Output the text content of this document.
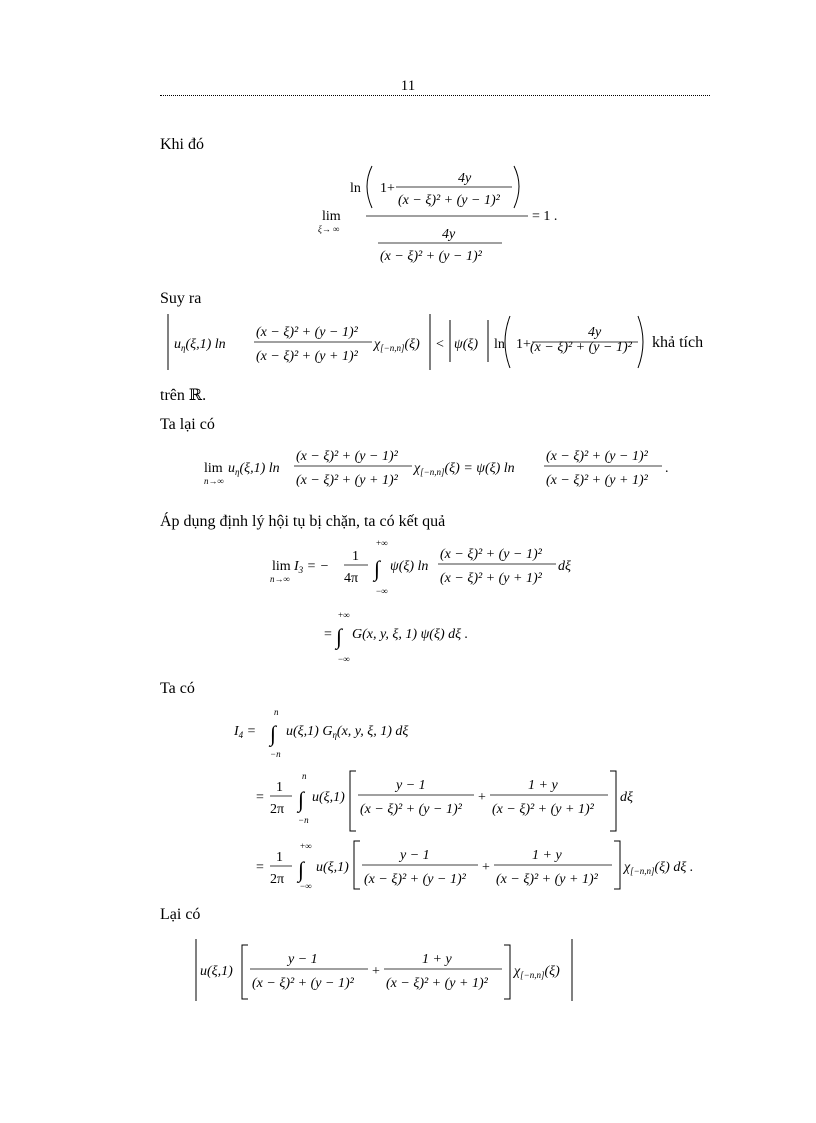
11
Khi đó
ln 1+
4y
(x − ξ)² + (y − 1)²
lim
ξ→ ∞	4y
(x − ξ)² + (y − 1)²
= 1 .
Suy ra
$u_\eta(\xi,1)$ ln
(x − ξ)² + (y − 1)²
(x − ξ)² + (y + 1)²
$\chi_{[-n,n]}(\xi) < \psi(\xi)$ ln 1+
4y
(x − ξ)² + (y − 1)² khả tích
trên ℝ.
Ta lại có
lim
n→∞
$u_\eta(\xi,1)$ ln
(x − ξ)² + (y − 1)²
(x − ξ)² + (y + 1)²
$\chi_{[-n,n]}(\xi) = \psi(\xi)$ ln
(x − ξ)² + (y − 1)²
(x − ξ)² + (y + 1)²
.
Áp dụng định lý hội tụ bị chặn, ta có kết quả
lim
n→∞
$I_3$ = −
1
4π
+∞
∫
−∞
ψ(ξ) ln
(x − ξ)² + (y − 1)²
(x − ξ)² + (y + 1)²
dξ
=
+∞
∫
−∞
G(x, y, ξ, 1) ψ(ξ) dξ .
Ta có
$I_4$ =
n
∫
−n
u(ξ,1) $G_\eta(x$, y, ξ, 1) dξ
=
1
2π
n
∫
−n
u(ξ,1)
y − 1
(x − ξ)² + (y − 1)²
+
1 + y
(x − ξ)² + (y + 1)²
dξ
=
1
2π
+∞
∫
−∞
u(ξ,1)
y − 1
(x − ξ)² + (y − 1)²
+
1 + y
(x − ξ)² + (y + 1)²
$\chi_{[-n,n]}(\xi)$ dξ .
Lại có
u(ξ,1)
y − 1
(x − ξ)² + (y − 1)²
+
1 + y
(x − ξ)² + (y + 1)²
$\chi_{[-n,n]}(\xi)$
